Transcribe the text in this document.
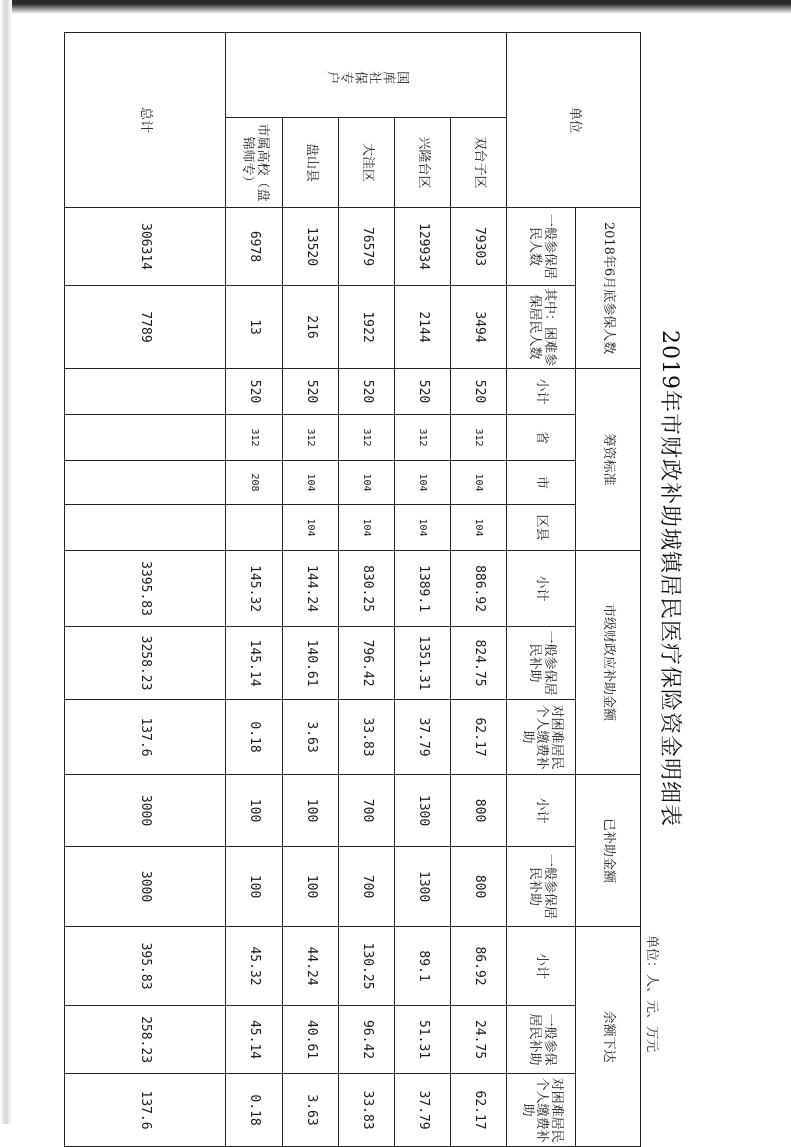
2019年市财政补助城镇居民医疗保险资金明细表
单位：人、元、万元
单位		2018年6月底参保人数		筹资标准				市级财政应补助金额			已补助金额		余额下达		
		一般参保居民人数	其中：困难参保居民人数	小计	省	市	区县	小计	一般参保居民补助	对困难居民个人缴费补助	小计	一般参保居民补助	小计	一般参保居民补助	对困难居民个人缴费补助
国库社保专户	双台子区	79303	3494	520	312	104	104	886.92	824.75	62.17	800	800	86.92	24.75	62.17
	兴隆台区	129934	2144	520	312	104	104	1389.1	1351.31	37.79	1300	1300	89.1	51.31	37.79
	大洼区	76579	1922	520	312	104	104	830.25	796.42	33.83	700	700	130.25	96.42	33.83
	盘山县	13520	216	520	312	104	104	144.24	140.61	3.63	100	100	44.24	40.61	3.63
	市属高校（盘锦师专）	6978	13	520	312	208		145.32	145.14	0.18	100	100	45.32	45.14	0.18
总计		306314	7789					3395.83	3258.23	137.6	3000	3000	395.83	258.23	137.6
